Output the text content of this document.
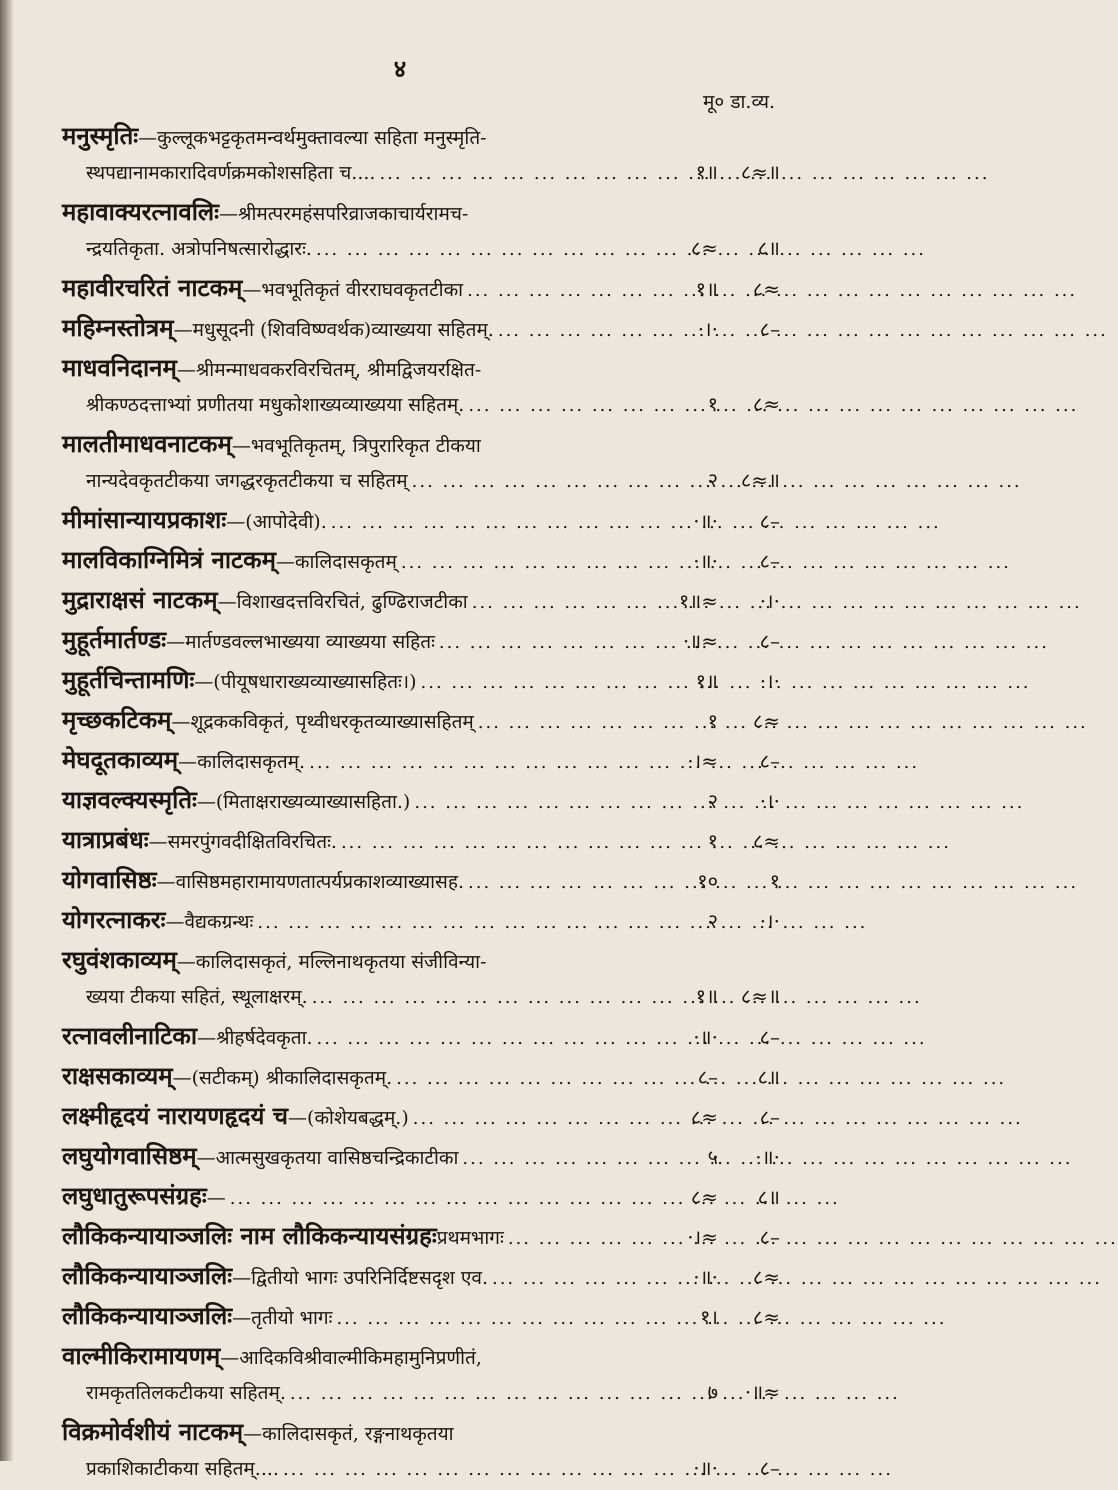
४
मू० डा.व्य.
मनुस्मृतिः —कुल्लूकभट्टकृतमन्वर्थमुक्तावल्या सहिता मनुस्मृति-
स्थपद्यानामकारादिवर्णक्रमकोशसहिता च.... ... .	१॥	८≈॥
महावाक्यरत्नावलिः —श्रीमत्परमहंसपरिव्राजकाचार्यरामच-
न्द्रयतिकृता. अत्रोपनिषत्सारोद्धारः. ... .	८≈	८॥
महावीरचरितं नाटकम् —भवभूतिकृतं वीरराघवकृतटीका ... .	१॥	८≈
महिम्नस्तोत्रम् —मधुसूदनी (शिवविष्ण्वर्थक)व्याख्यया सहितम्. ... .	·।·	८–
माधवनिदानम् —श्रीमन्माधवकरविरचितम्, श्रीमद्विजयरक्षित-
श्रीकण्ठदत्ताभ्यां प्रणीतया मधुकोशाख्यव्याख्यया सहितम्. ... .	१	८≈
मालतीमाधवनाटकम् —भवभूतिकृतम्, त्रिपुरारिकृत टीकया
नान्यदेवकृतटीकया जगद्धरकृतटीकया च सहितम् ... .	२	८≈॥
मीमांसान्यायप्रकाशः —(आपोदेवी). ... .	·॥·	८–
मालविकाग्निमित्रं नाटकम् —कालिदासकृतम् ... .	·॥·	८–
मुद्राराक्षसं नाटकम् —विशाखदत्तविरचितं, ढुण्ढिराजटीका ... .	१॥≈	·।·
मुहूर्तमार्तण्डः —मार्तण्डवल्लभाख्यया व्याख्यया सहितः ... .	·॥≈	८–
मुहूर्तचिन्तामणिः —(पीयूषधाराख्यव्याख्यासहितः।) ... .	१॥	·।·
मृच्छकटिकम् —शूद्रककविकृतं, पृथ्वीधरकृतव्याख्यासहितम् ... .	१	८≈
मेघदूतकाव्यम् —कालिदासकृतम्. ... .	·।≈	८–
याज्ञवल्क्यस्मृतिः —(मिताक्षराख्यव्याख्यासहिता.) ... .	२	·।·
यात्राप्रबंधः —समरपुंगवदीक्षितविरचितः. ... .	१	८≈
योगवासिष्ठः —वासिष्ठमहारामायणतात्पर्यप्रकाशव्याख्यासह. ... .	१०	१
योगरत्नाकरः —वैद्यकग्रन्थः ... .	२	·।·
रघुवंशकाव्यम् —कालिदासकृतं, मल्लिनाथकृतया संजीविन्या-
ख्यया टीकया सहितं, स्थूलाक्षरम्. ... .	१॥	८≈॥
रत्नावलीनाटिका —श्रीहर्षदेवकृता. ... .	·॥·	८–
राक्षसकाव्यम् —(सटीकम्) श्रीकालिदासकृतम्. ... .	८–	८॥
लक्ष्मीहृदयं नारायणहृदयं च —(कोशेयबद्धम्.) ... .	८≈	८–
लघुयोगवासिष्ठम् —आत्मसुखकृतया वासिष्ठचन्द्रिकाटीका ... .	५	·॥·
लघुधातुरूपसंग्रहः — ... .	८≈	८॥
लौकिकन्यायाञ्जलिः नाम लौकिकन्यायसंग्रहः प्रथमभागः ... .	·।≈	८–
लौकिकन्यायाञ्जलिः —द्वितीयो भागः उपरिनिर्दिष्टसदृश एव. ... .	·॥·	८≈
लौकिकन्यायाञ्जलिः —तृतीयो भागः ... .	१।	८≈
वाल्मीकिरामायणम् —आदिकविश्रीवाल्मीकिमहामुनिप्रणीतं,
रामकृततिलकटीकया सहितम्. ... .	७	·॥≈
विक्रमोर्वशीयं नाटकम् —कालिदासकृतं, रङ्गनाथकृतया
प्रकाशिकाटीकया सहितम्.... ... .	·॥·	८–
